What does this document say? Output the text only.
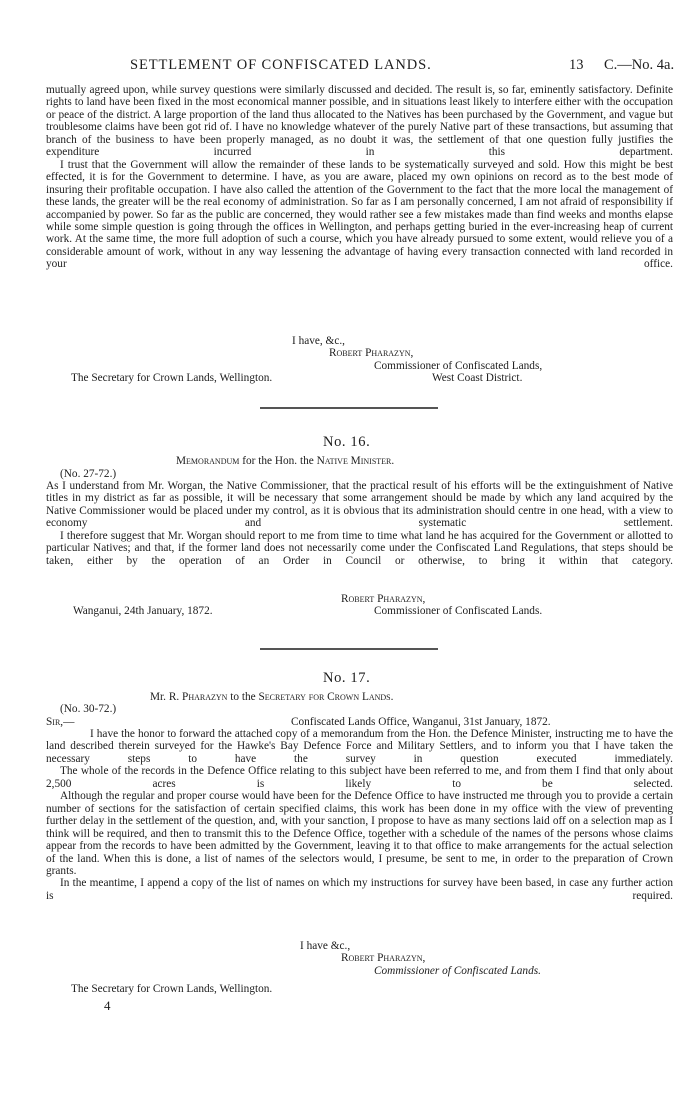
SETTLEMENT OF CONFISCATED LANDS.	13 C.—No. 4a.

mutually agreed upon, while survey questions were similarly discussed and decided. The result is, so far, eminently satisfactory. Definite rights to land have been fixed in the most economical manner possible, and in situations least likely to interfere either with the occupation or peace of the district. A large proportion of the land thus allocated to the Natives has been purchased by the Government, and vague but troublesome claims have been got rid of. I have no knowledge whatever of the purely Native part of these transactions, but assuming that branch of the business to have been properly managed, as no doubt it was, the settlement of that one question fully justifies the expenditure incurred in this department.

I trust that the Government will allow the remainder of these lands to be systematically surveyed and sold. How this might be best effected, it is for the Government to determine. I have, as you are aware, placed my own opinions on record as to the best mode of insuring their profitable occupation. I have also called the attention of the Government to the fact that the more local the management of these lands, the greater will be the real economy of administration. So far as I am personally concerned, I am not afraid of responsibility if accompanied by power. So far as the public are concerned, they would rather see a few mistakes made than find weeks and months elapse while some simple question is going through the offices in Wellington, and perhaps getting buried in the ever-increasing heap of current work. At the same time, the more full adoption of such a course, which you have already pursued to some extent, would relieve you of a considerable amount of work, without in any way lessening the advantage of having every transaction connected with land recorded in your office.

I have, &c.,
Robert Pharazyn,
Commissioner of Confiscated Lands,
The Secretary for Crown Lands, Wellington.	West Coast District.
No. 16.
Memorandum for the Hon. the Native Minister.
(No. 27-72.)

As I understand from Mr. Worgan, the Native Commissioner, that the practical result of his efforts will be the extinguishment of Native titles in my district as far as possible, it will be necessary that some arrangement should be made by which any land acquired by the Native Commissioner would be placed under my control, as it is obvious that its administration should centre in one head, with a view to economy and systematic settlement.

I therefore suggest that Mr. Worgan should report to me from time to time what land he has acquired for the Government or allotted to particular Natives; and that, if the former land does not necessarily come under the Confiscated Land Regulations, that steps should be taken, either by the operation of an Order in Council or otherwise, to bring it within that category.

Robert Pharazyn,
Wanganui, 24th January, 1872.	Commissioner of Confiscated Lands.
No. 17.
Mr. R. Pharazyn to the Secretary for Crown Lands.
(No. 30-72.)
Sir,—	Confiscated Lands Office, Wanganui, 31st January, 1872.

I have the honor to forward the attached copy of a memorandum from the Hon. the Defence Minister, instructing me to have the land described therein surveyed for the Hawke's Bay Defence Force and Military Settlers, and to inform you that I have taken the necessary steps to have the survey in question executed immediately.

The whole of the records in the Defence Office relating to this subject have been referred to me, and from them I find that only about 2,500 acres is likely to be selected.

Although the regular and proper course would have been for the Defence Office to have instructed me through you to provide a certain number of sections for the satisfaction of certain specified claims, this work has been done in my office with the view of preventing further delay in the settlement of the question, and, with your sanction, I propose to have as many sections laid off on a selection map as I think will be required, and then to transmit this to the Defence Office, together with a schedule of the names of the persons whose claims appear from the records to have been admitted by the Government, leaving it to that office to make arrangements for the actual selection of the land. When this is done, a list of names of the selectors would, I presume, be sent to me, in order to the preparation of Crown grants.

In the meantime, I append a copy of the list of names on which my instructions for survey have been based, in case any further action is required.

I have &c.,
Robert Pharazyn,
Commissioner of Confiscated Lands.
The Secretary for Crown Lands, Wellington.
4
